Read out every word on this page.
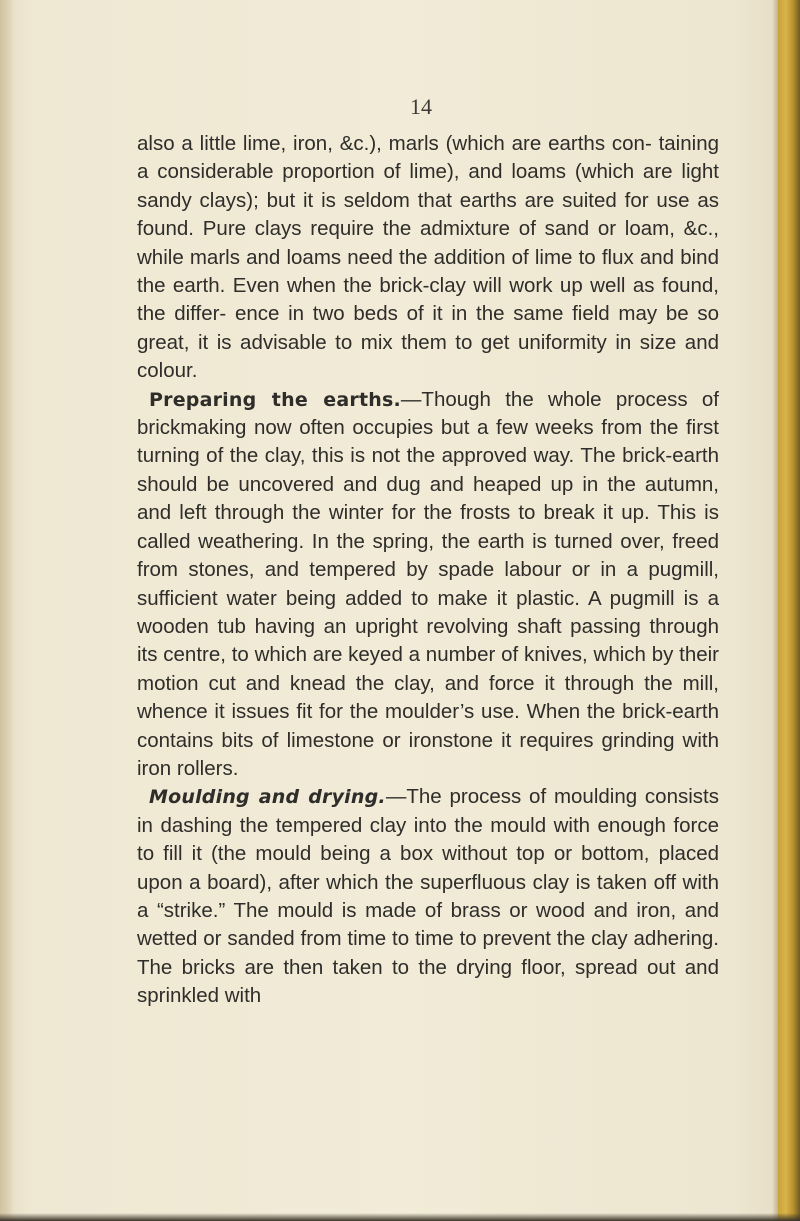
14

also a little lime, iron, &c.), marls (which are earths con- taining a considerable proportion of lime), and loams (which are light sandy clays); but it is seldom that earths are suited for use as found. Pure clays require the admixture of sand or loam, &c., while marls and loams need the addition of lime to flux and bind the earth. Even when the brick-clay will work up well as found, the differ- ence in two beds of it in the same field may be so great, it is advisable to mix them to get uniformity in size and colour.

Preparing the earths.—Though the whole process of brickmaking now often occupies but a few weeks from the first turning of the clay, this is not the approved way. The brick-earth should be uncovered and dug and heaped up in the autumn, and left through the winter for the frosts to break it up. This is called weathering. In the spring, the earth is turned over, freed from stones, and tempered by spade labour or in a pugmill, sufficient water being added to make it plastic. A pugmill is a wooden tub having an upright revolving shaft passing through its centre, to which are keyed a number of knives, which by their motion cut and knead the clay, and force it through the mill, whence it issues fit for the moulder’s use. When the brick-earth contains bits of limestone or ironstone it requires grinding with iron rollers.

Moulding and drying.—The process of moulding consists in dashing the tempered clay into the mould with enough force to fill it (the mould being a box without top or bottom, placed upon a board), after which the superfluous clay is taken off with a “strike.” The mould is made of brass or wood and iron, and wetted or sanded from time to time to prevent the clay adhering. The bricks are then taken to the drying floor, spread out and sprinkled with
